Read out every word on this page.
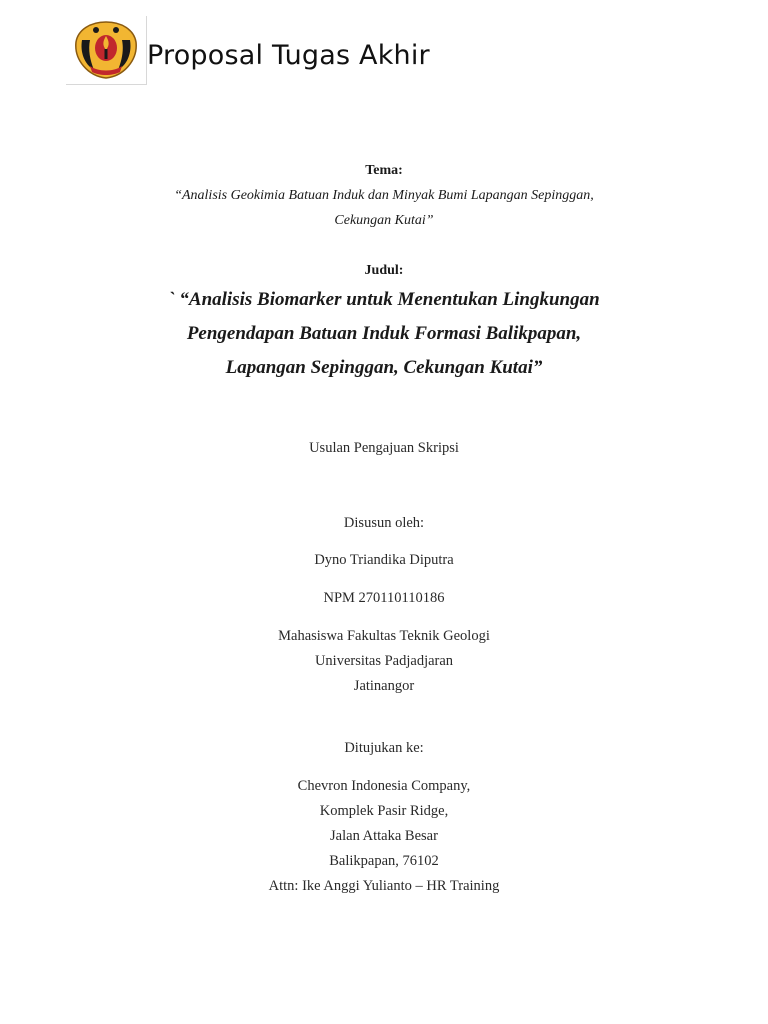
Proposal Tugas Akhir
Tema:
“Analisis Geokimia Batuan Induk dan Minyak Bumi Lapangan Sepinggan,
Cekungan Kutai”
Judul:
` “Analisis Biomarker untuk Menentukan Lingkungan
Pengendapan Batuan Induk Formasi Balikpapan,
Lapangan Sepinggan, Cekungan Kutai”
Usulan Pengajuan Skripsi
Disusun oleh:
Dyno Triandika Diputra
NPM 270110110186
Mahasiswa Fakultas Teknik Geologi
Universitas Padjadjaran
Jatinangor
Ditujukan ke:
Chevron Indonesia Company,
Komplek Pasir Ridge,
Jalan Attaka Besar
Balikpapan, 76102
Attn: Ike Anggi Yulianto – HR Training
